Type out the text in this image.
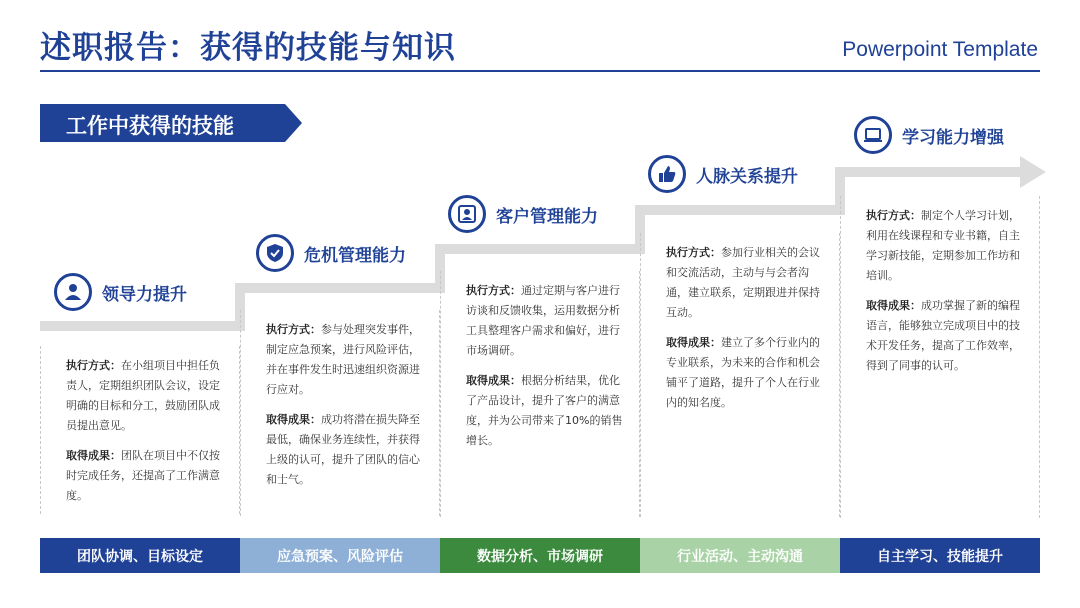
述职报告：获得的技能与知识	Powerpoint Template
工作中获得的技能
领导力提升
危机管理能力
客户管理能力
人脉关系提升
学习能力增强

执行方式：在小组项目中担任负责人，定期组织团队会议，设定明确的目标和分工，鼓励团队成员提出意见。

取得成果：团队在项目中不仅按时完成任务，还提高了工作满意度。

执行方式：参与处理突发事件，制定应急预案，进行风险评估，并在事件发生时迅速组织资源进行应对。

取得成果：成功将潜在损失降至最低，确保业务连续性，并获得上级的认可，提升了团队的信心和士气。

执行方式：通过定期与客户进行访谈和反馈收集，运用数据分析工具整理客户需求和偏好，进行市场调研。

取得成果：根据分析结果，优化了产品设计，提升了客户的满意度，并为公司带来了10%的销售增长。

执行方式：参加行业相关的会议和交流活动，主动与与会者沟通，建立联系，定期跟进并保持互动。

取得成果：建立了多个行业内的专业联系，为未来的合作和机会铺平了道路，提升了个人在行业内的知名度。

执行方式：制定个人学习计划，利用在线课程和专业书籍，自主学习新技能，定期参加工作坊和培训。

取得成果：成功掌握了新的编程语言，能够独立完成项目中的技术开发任务，提高了工作效率，得到了同事的认可。

团队协调、目标设定	应急预案、风险评估	数据分析、市场调研	行业活动、主动沟通	自主学习、技能提升
